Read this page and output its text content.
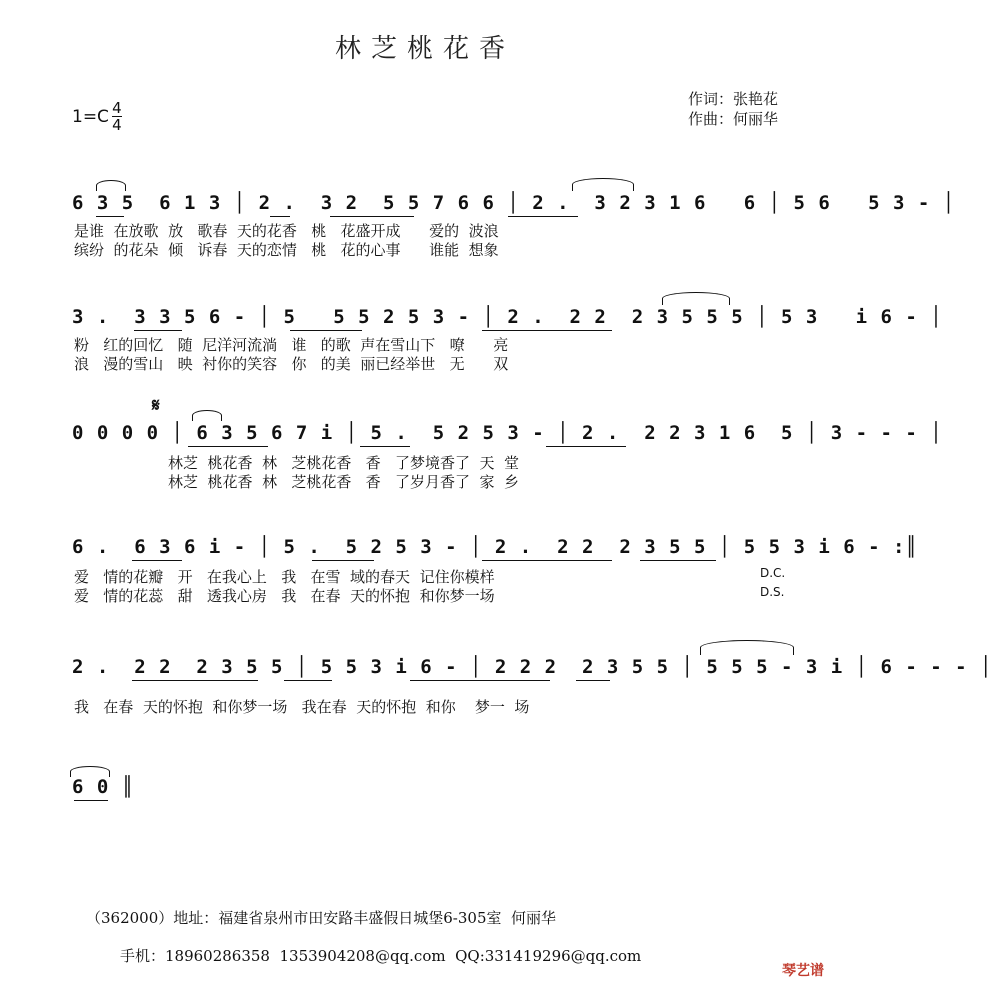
林芝桃花香
$1=C \frac{4}{4}$
作词：张艳花
作曲：何丽华
6 3 5  6 1 3 │ 2 .  3 2  5 5 7 6 6 │ 2 .  3 2 3 1 6   6 │ 5 6   5 3 - │
是谁  在放歌  放   歌春  天的花香   桃   花盛开成      爱的  波浪
缤纷  的花朵  倾   诉春  天的恋情   桃   花的心事      谁能  想象
3 .  3 3 5 6 - │ 5   5 5 2 5 3 - │ 2 .  2 2  2 3 5 5 5 │ 5 3   i 6 - │
粉   红的回忆   随  尼洋河流淌   谁   的歌  声在雪山下   嘹      亮
浪   漫的雪山   映  衬你的笑容   你   的美  丽已经举世   无      双
𝄋
0 0 0 0 │ 6 3 5 6 7 i │ 5 .  5 2 5 3 - │ 2 .  2 2 3 1 6  5 │ 3 - - - │
林芝  桃花香  林   芝桃花香   香   了梦境香了  天  堂
林芝  桃花香  林   芝桃花香   香   了岁月香了  家  乡
6 .  6 3 6 i - │ 5 .  5 2 5 3 - │ 2 .  2 2  2 3 5 5 │ 5 5 3 i 6 - :║
爱   情的花瓣   开   在我心上   我   在雪  域的春天  记住你模样
爱   情的花蕊   甜   透我心房   我   在春  天的怀抱  和你梦一场
D.C.
D.S.
2 .  2 2  2 3 5 5 │ 5 5 3 i 6 - │ 2 2 2  2 3 5 5 │ 5 5 5 - 3 i │ 6 - - - │
我   在春  天的怀抱  和你梦一场   我在春  天的怀抱  和你    梦一  场
6 0 ║
（362000）地址：福建省泉州市田安路丰盛假日城堡6-305室  何丽华
手机：18960286358  1353904208@qq.com  QQ:331419296@qq.com
琴艺谱
